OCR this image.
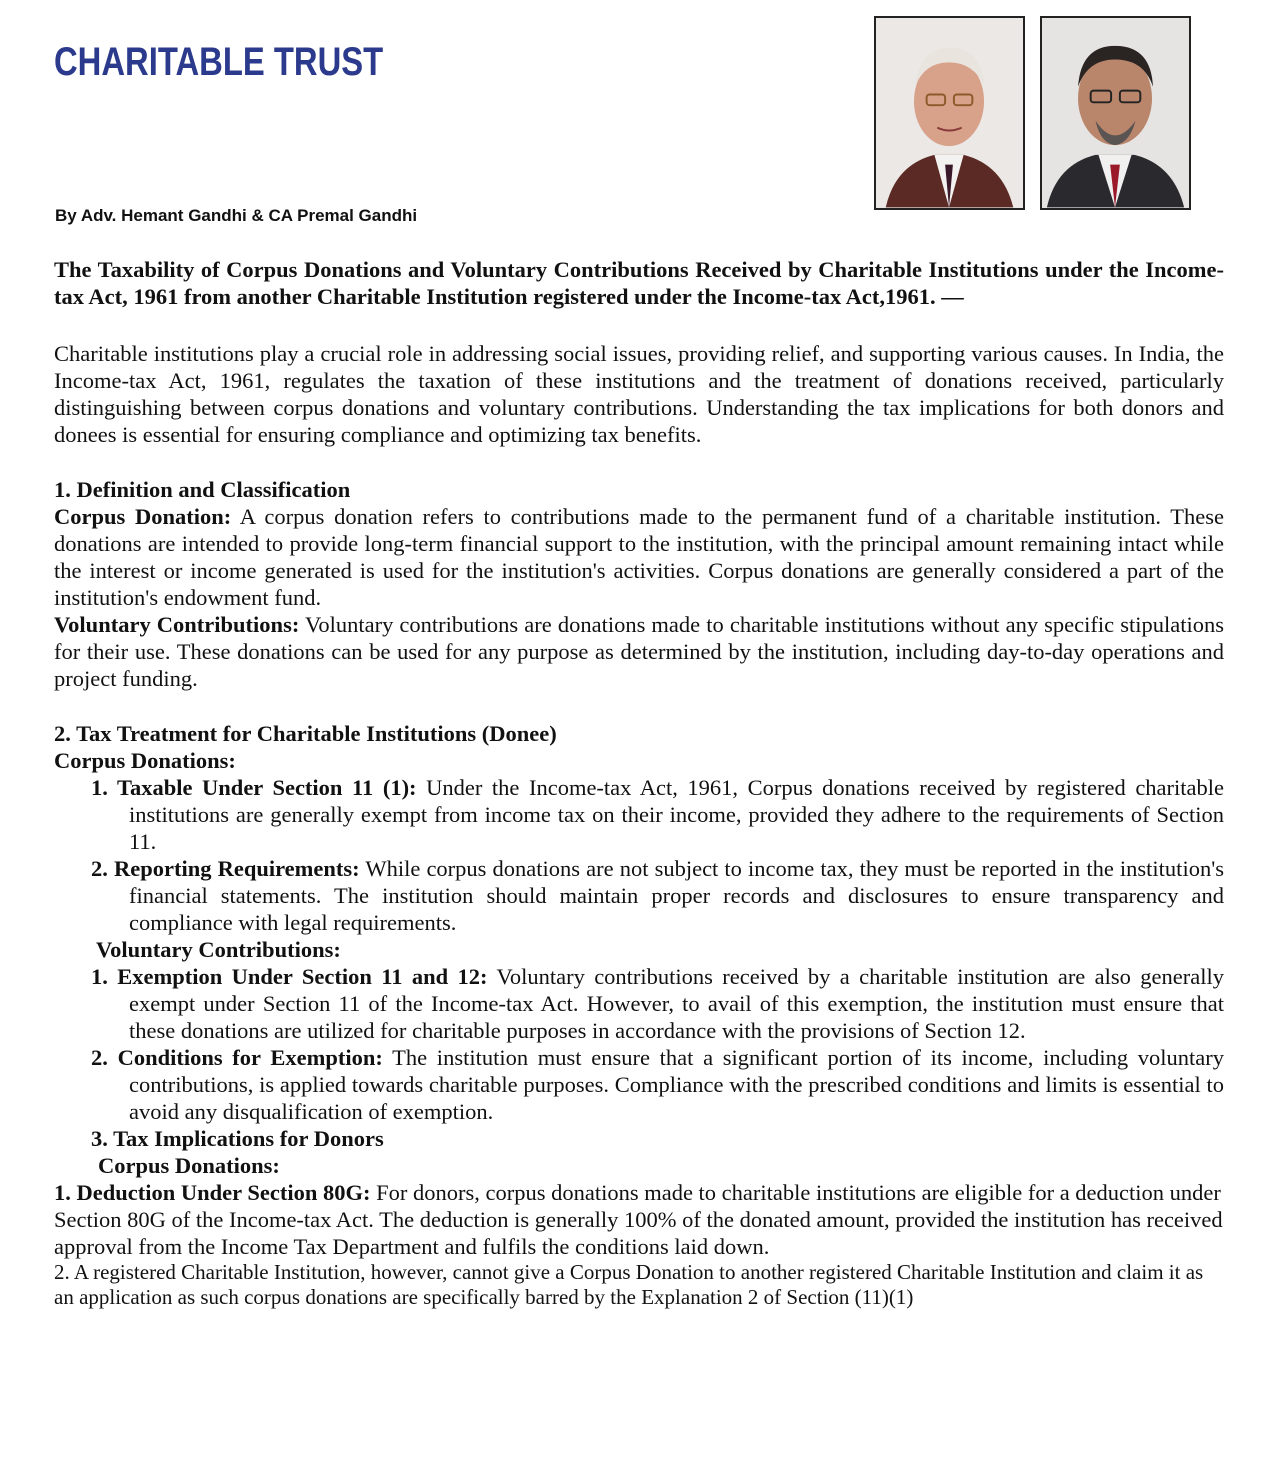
CHARITABLE TRUST
By Adv. Hemant Gandhi & CA Premal Gandhi

The Taxability of Corpus Donations and Voluntary Contributions Received by Charitable Institutions under the Income-tax Act, 1961 from another Charitable Institution registered under the Income-tax Act,1961. —

Charitable institutions play a crucial role in addressing social issues, providing relief, and supporting various causes. In India, the Income-tax Act, 1961, regulates the taxation of these institutions and the treatment of donations received, particularly distinguishing between corpus donations and voluntary contributions. Understanding the tax implications for both donors and donees is essential for ensuring compliance and optimizing tax benefits.

1. Definition and Classification

Corpus Donation: A corpus donation refers to contributions made to the permanent fund of a charitable institution. These donations are intended to provide long-term financial support to the institution, with the principal amount remaining intact while the interest or income generated is used for the institution's activities. Corpus donations are generally considered a part of the institution's endowment fund.

Voluntary Contributions: Voluntary contributions are donations made to charitable institutions without any specific stipulations for their use. These donations can be used for any purpose as determined by the institution, including day-to-day operations and project funding.

2. Tax Treatment for Charitable Institutions (Donee)

Corpus Donations:

1. Taxable Under Section 11 (1): Under the Income-tax Act, 1961, Corpus donations received by registered charitable institutions are generally exempt from income tax on their income, provided they adhere to the requirements of Section 11.

2. Reporting Requirements: While corpus donations are not subject to income tax, they must be reported in the institution's financial statements. The institution should maintain proper records and disclosures to ensure transparency and compliance with legal requirements.

Voluntary Contributions:

1. Exemption Under Section 11 and 12: Voluntary contributions received by a charitable institution are also generally exempt under Section 11 of the Income-tax Act. However, to avail of this exemption, the institution must ensure that these donations are utilized for charitable purposes in accordance with the provisions of Section 12.

2. Conditions for Exemption: The institution must ensure that a significant portion of its income, including voluntary contributions, is applied towards charitable purposes. Compliance with the prescribed conditions and limits is essential to avoid any disqualification of exemption.

3. Tax Implications for Donors

Corpus Donations:

1. Deduction Under Section 80G: For donors, corpus donations made to charitable institutions are eligible for a deduction under Section 80G of the Income-tax Act. The deduction is generally 100% of the donated amount, provided the institution has received approval from the Income Tax Department and fulfils the conditions laid down.

2. A registered Charitable Institution, however, cannot give a Corpus Donation to another registered Charitable Institution and claim it as an application as such corpus donations are specifically barred by the Explanation 2 of Section (11)(1)
